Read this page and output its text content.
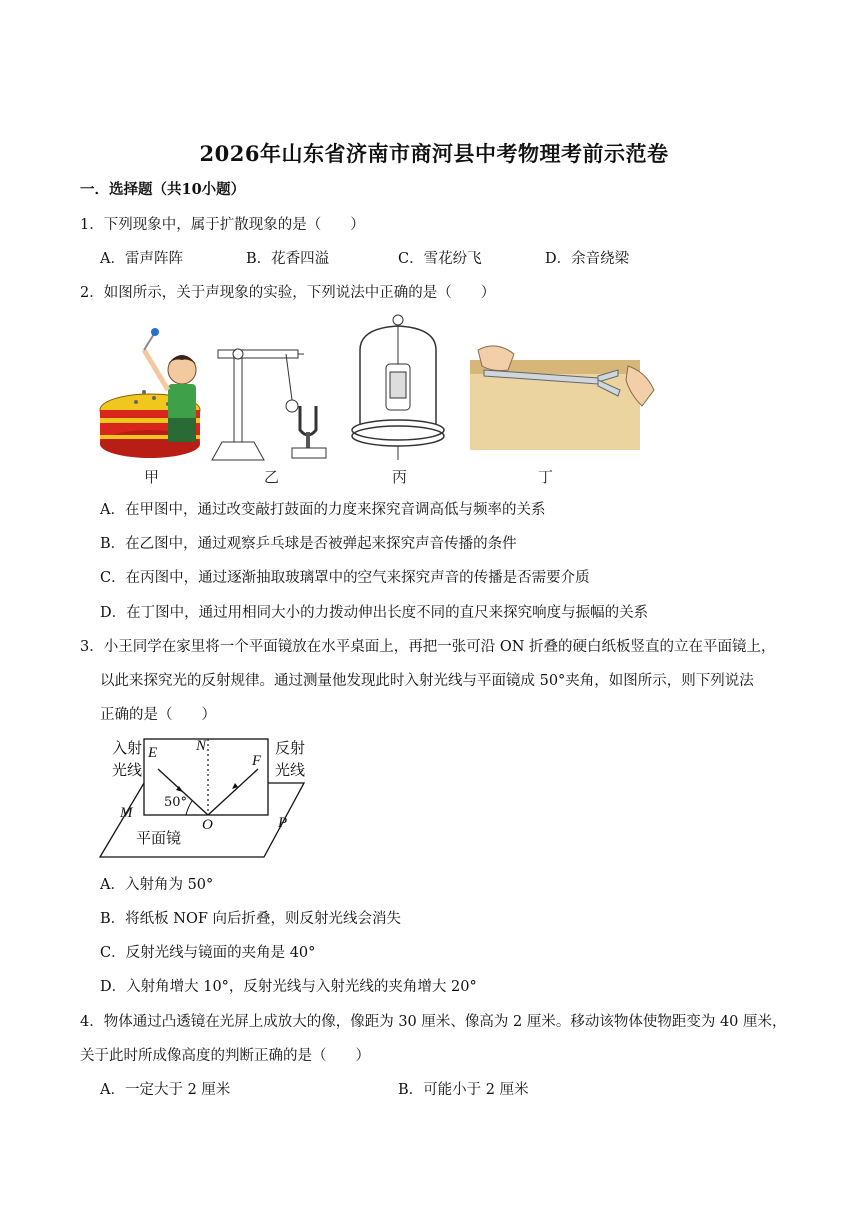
2026年山东省济南市商河县中考物理考前示范卷
一．选择题（共10小题）
1．下列现象中，属于扩散现象的是（　　）
A．雷声阵阵	B．花香四溢	C．雪花纷飞	D．余音绕梁
2．如图所示，关于声现象的实验，下列说法中正确的是（　　）
甲	乙	丙	丁
A．在甲图中，通过改变敲打鼓面的力度来探究音调高低与频率的关系
B．在乙图中，通过观察乒乓球是否被弹起来探究声音传播的条件
C．在丙图中，通过逐渐抽取玻璃罩中的空气来探究声音的传播是否需要介质
D．在丁图中，通过用相同大小的力拨动伸出长度不同的直尺来探究响度与振幅的关系
3．小王同学在家里将一个平面镜放在水平桌面上，再把一张可沿 ON 折叠的硬白纸板竖直的立在平面镜上，
以此来探究光的反射规律。通过测量他发现此时入射光线与平面镜成 50°夹角，如图所示，则下列说法
正确的是（　　）
入射
光线
E	N
F
反射
光线
50°
M
O	P
平面镜
A．入射角为 50°
B．将纸板 NOF 向后折叠，则反射光线会消失
C．反射光线与镜面的夹角是 40°
D．入射角增大 10°，反射光线与入射光线的夹角增大 20°
4．物体通过凸透镜在光屏上成放大的像，像距为 30 厘米、像高为 2 厘米。移动该物体使物距变为 40 厘米，
关于此时所成像高度的判断正确的是（　　）
A．一定大于 2 厘米	B．可能小于 2 厘米
